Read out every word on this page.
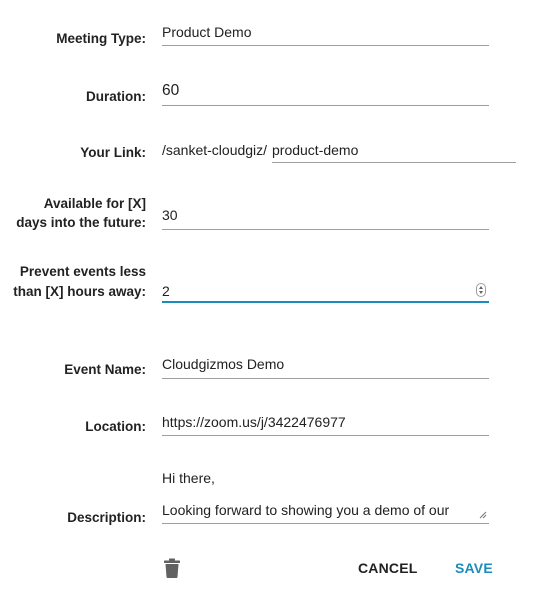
Meeting Type: Product Demo
Duration: 60
Your Link: /sanket-cloudgiz/ product-demo
Available for [X]
days into the future: 30
Prevent events less
than [X] hours away: 2
Event Name: Cloudgizmos Demo
Location: https://zoom.us/j/3422476977
Description:
Hi there,
Looking forward to showing you a demo of our
CANCEL	SAVE
